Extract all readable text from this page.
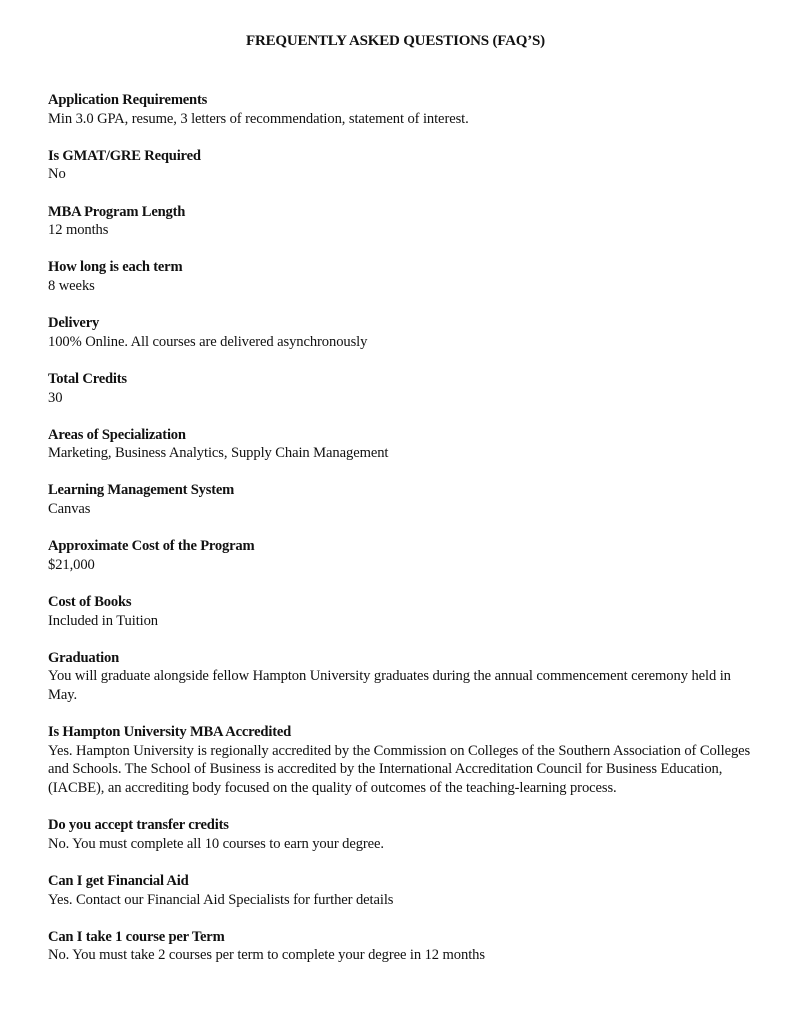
FREQUENTLY ASKED QUESTIONS (FAQ’S)
Application Requirements
Min 3.0 GPA, resume, 3 letters of recommendation, statement of interest.
Is GMAT/GRE Required
No
MBA Program Length
12 months
How long is each term
8 weeks
Delivery
100% Online. All courses are delivered asynchronously
Total Credits
30
Areas of Specialization
Marketing, Business Analytics, Supply Chain Management
Learning Management System
Canvas
Approximate Cost of the Program
$21,000
Cost of Books
Included in Tuition
Graduation
You will graduate alongside fellow Hampton University graduates during the annual commencement ceremony held in May.
Is Hampton University MBA Accredited
Yes. Hampton University is regionally accredited by the Commission on Colleges of the Southern Association of Colleges and Schools. The School of Business is accredited by the International Accreditation Council for Business Education, (IACBE), an accrediting body focused on the quality of outcomes of the teaching-learning process.
Do you accept transfer credits
No. You must complete all 10 courses to earn your degree.
Can I get Financial Aid
Yes. Contact our Financial Aid Specialists for further details
Can I take 1 course per Term
No. You must take 2 courses per term to complete your degree in 12 months
